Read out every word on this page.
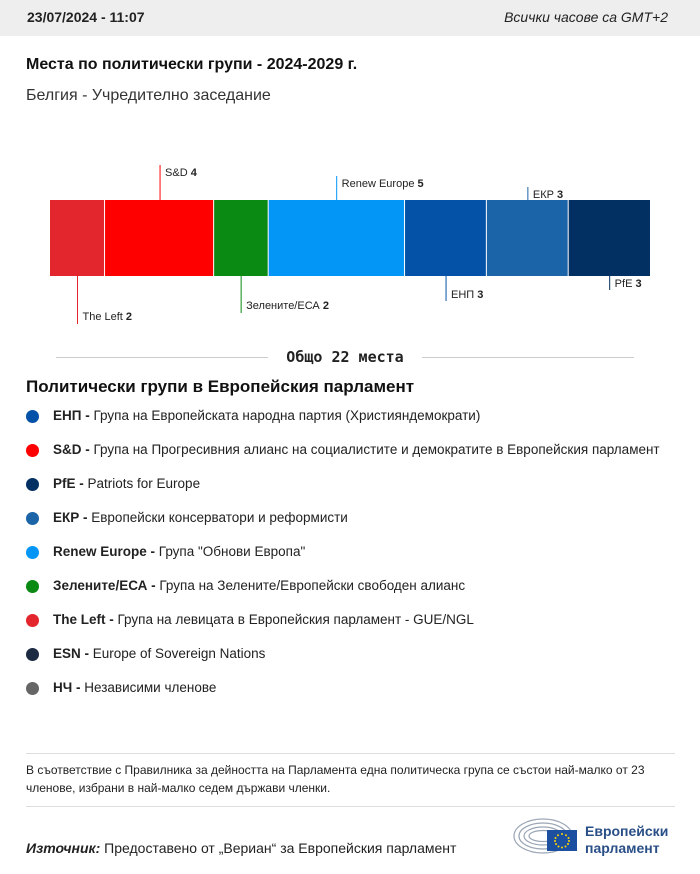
23/07/2024 - 11:07	Всички часове са GMT+2
Места по политически групи - 2024-2029 г.
Белгия - Учредително заседание
The Left 2
S&D 4
Зелените/ЕСА 2
Renew Europe 5
ЕНП 3
ЕКР 3
PfE 3
Общо 22 места
Политически групи в Европейския парламент
ЕНП - Група на Европейската народна партия (Християндемократи)
S&D - Група на Прогресивния алианс на социалистите и демократите в Европейския парламент
PfE - Patriots for Europe
ЕКР - Европейски консерватори и реформисти
Renew Europe - Група "Обнови Европа"
Зелените/ЕСА - Група на Зелените/Европейски свободен алианс
The Left - Група на левицата в Европейския парламент - GUE/NGL
ESN - Europe of Sovereign Nations
НЧ - Независими членове
В съответствие с Правилника за дейността на Парламента една политическа група се състои най-малко от 23 членове, избрани в най-малко седем държави членки.
Източник: Предоставено от „Вериан“ за Европейския парламент
Европейски
парламент
